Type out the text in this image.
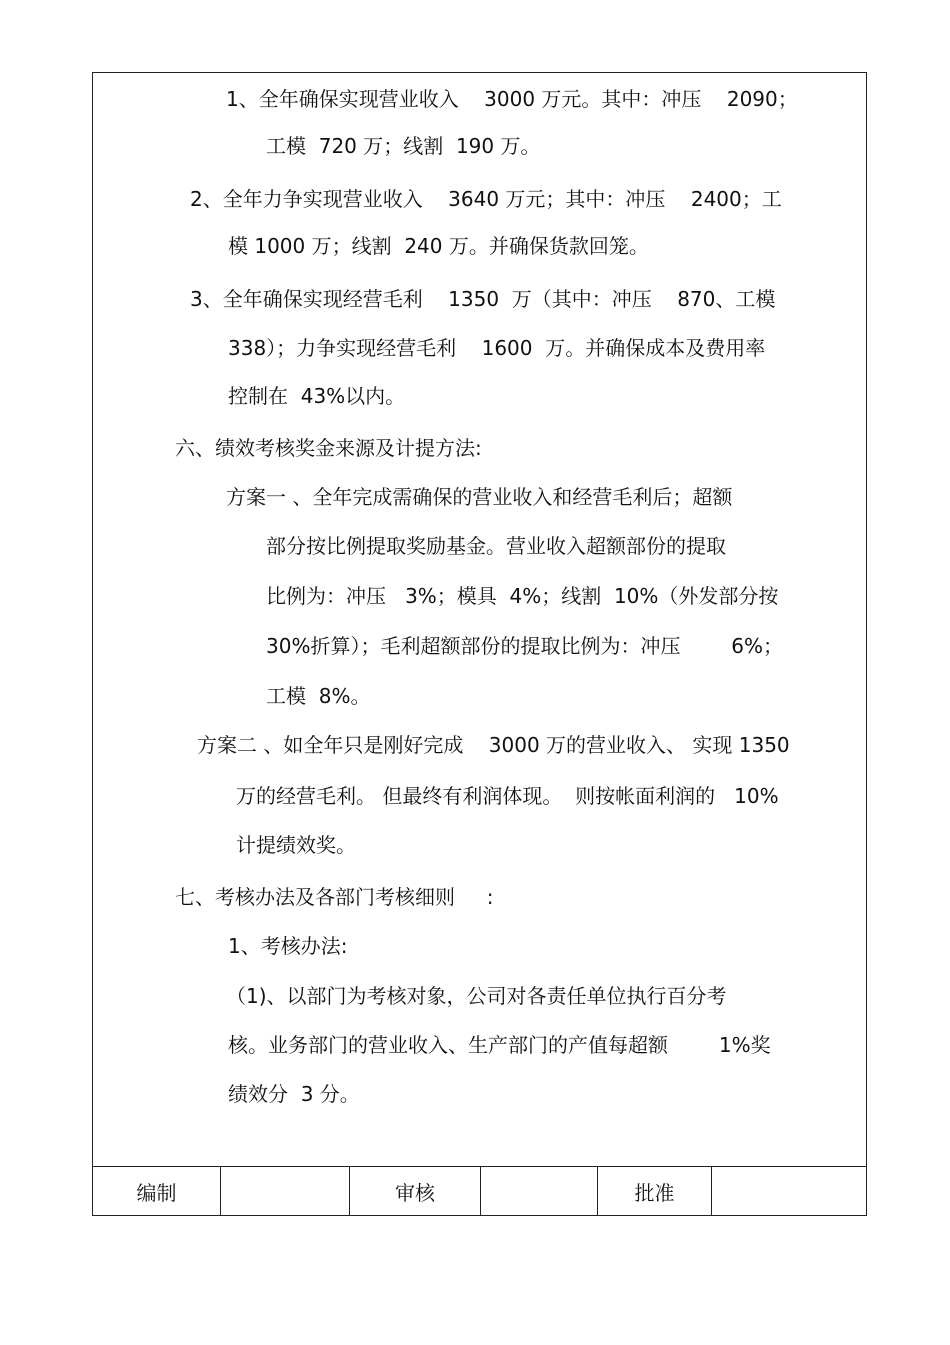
1、全年确保实现营业收入    3000 万元。其中：冲压    2090；
工模  720 万；线割  190 万。
2、全年力争实现营业收入    3640 万元；其中：冲压    2400；工
模 1000 万；线割  240 万。并确保货款回笼。
3、全年确保实现经营毛利    1350  万（其中：冲压    870、工模
338）；力争实现经营毛利    1600  万。并确保成本及费用率
控制在  43%以内。
六、绩效考核奖金来源及计提方法:
方案一 、全年完成需确保的营业收入和经营毛利后；超额
部分按比例提取奖励基金。营业收入超额部份的提取
比例为：冲压   3%；模具  4%；线割  10%（外发部分按
30%折算）；毛利超额部份的提取比例为：冲压        6%；
工模  8%。
方案二 、如全年只是刚好完成    3000 万的营业收入、 实现 1350
万的经营毛利。 但最终有利润体现。  则按帐面利润的   10%
计提绩效奖。
七、考核办法及各部门考核细则     :
1、考核办法:
（1)、以部门为考核对象，公司对各责任单位执行百分考
核。业务部门的营业收入、生产部门的产值每超额        1%奖
绩效分  3 分。
编制	审核	批准
